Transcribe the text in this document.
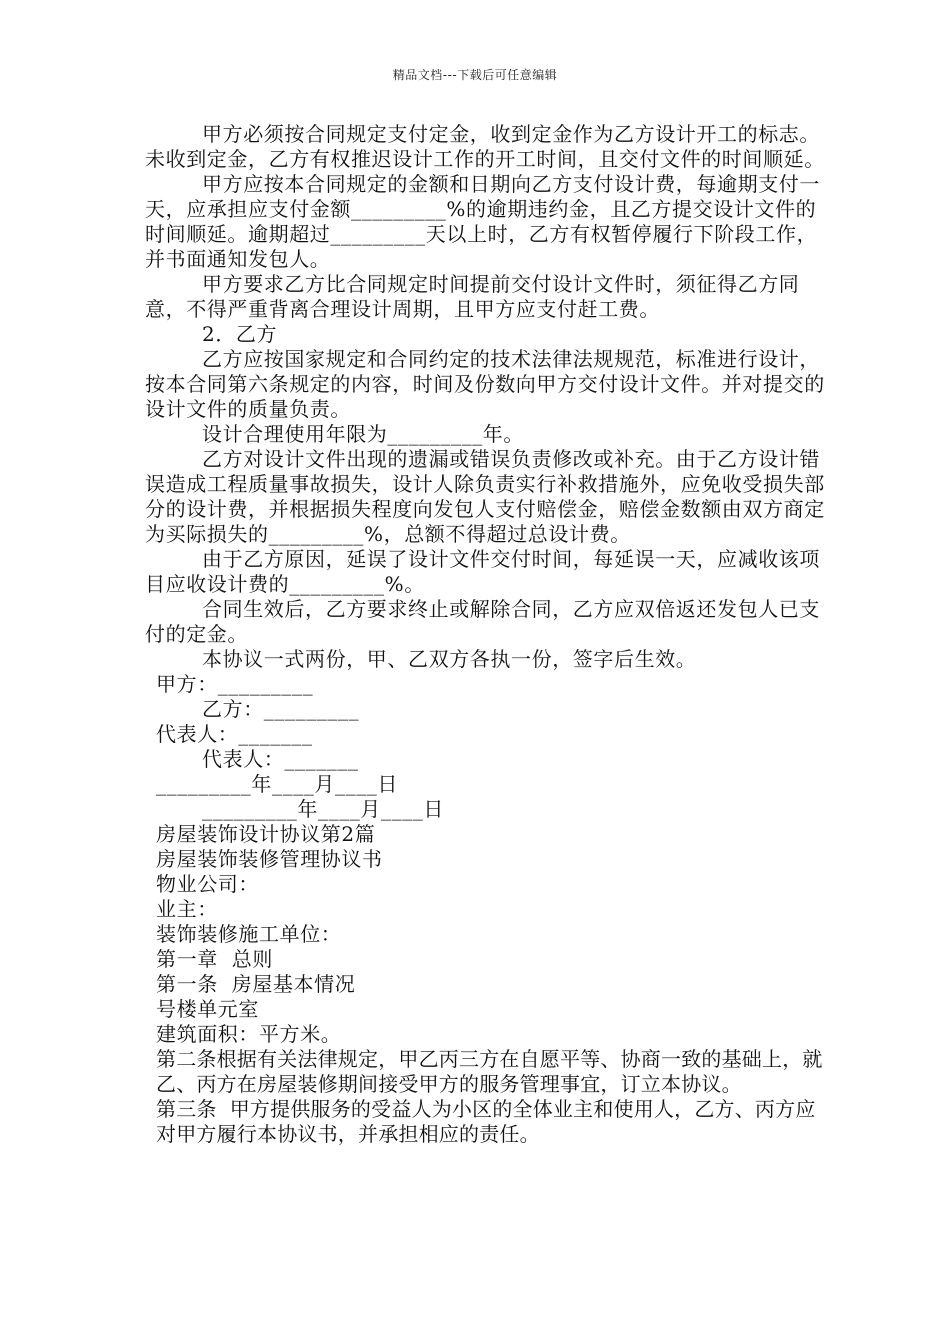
精品文档---下载后可任意编辑

甲方必须按合同规定支付定金，收到定金作为乙方设计开工的标志。未收到定金，乙方有权推迟设计工作的开工时间，且交付文件的时间顺延。

甲方应按本合同规定的金额和日期向乙方支付设计费，每逾期支付一天，应承担应支付金额_________%的逾期违约金，且乙方提交设计文件的时间顺延。逾期超过_________天以上时，乙方有权暂停履行下阶段工作，并书面通知发包人。

甲方要求乙方比合同规定时间提前交付设计文件时，须征得乙方同意，不得严重背离合理设计周期，且甲方应支付赶工费。

2．乙方

乙方应按国家规定和合同约定的技术法律法规规范，标准进行设计，按本合同第六条规定的内容，时间及份数向甲方交付设计文件。并对提交的设计文件的质量负责。

设计合理使用年限为_________年。

乙方对设计文件出现的遗漏或错误负责修改或补充。由于乙方设计错误造成工程质量事故损失，设计人除负责实行补救措施外，应免收受损失部分的设计费，并根据损失程度向发包人支付赔偿金，赔偿金数额由双方商定为买际损失的_________%，总额不得超过总设计费。

由于乙方原因，延误了设计文件交付时间，每延误一天，应减收该项目应收设计费的_________%。

合同生效后，乙方要求终止或解除合同，乙方应双倍返还发包人已支付的定金。

本协议一式两份，甲、乙双方各执一份，签字后生效。

甲方：_________

乙方：_________

代表人：_______

代表人：_______

_________年____月____日

_________年____月____日

房屋装饰设计协议第2篇

房屋装饰装修管理协议书

物业公司：

业主：

装饰装修施工单位：

第一章  总则

第一条  房屋基本情况

号楼单元室

建筑面积：平方米。

第二条根据有关法律规定，甲乙丙三方在自愿平等、协商一致的基础上，就乙、丙方在房屋装修期间接受甲方的服务管理事宜，订立本协议。

第三条  甲方提供服务的受益人为小区的全体业主和使用人，乙方、丙方应对甲方履行本协议书，并承担相应的责任。
